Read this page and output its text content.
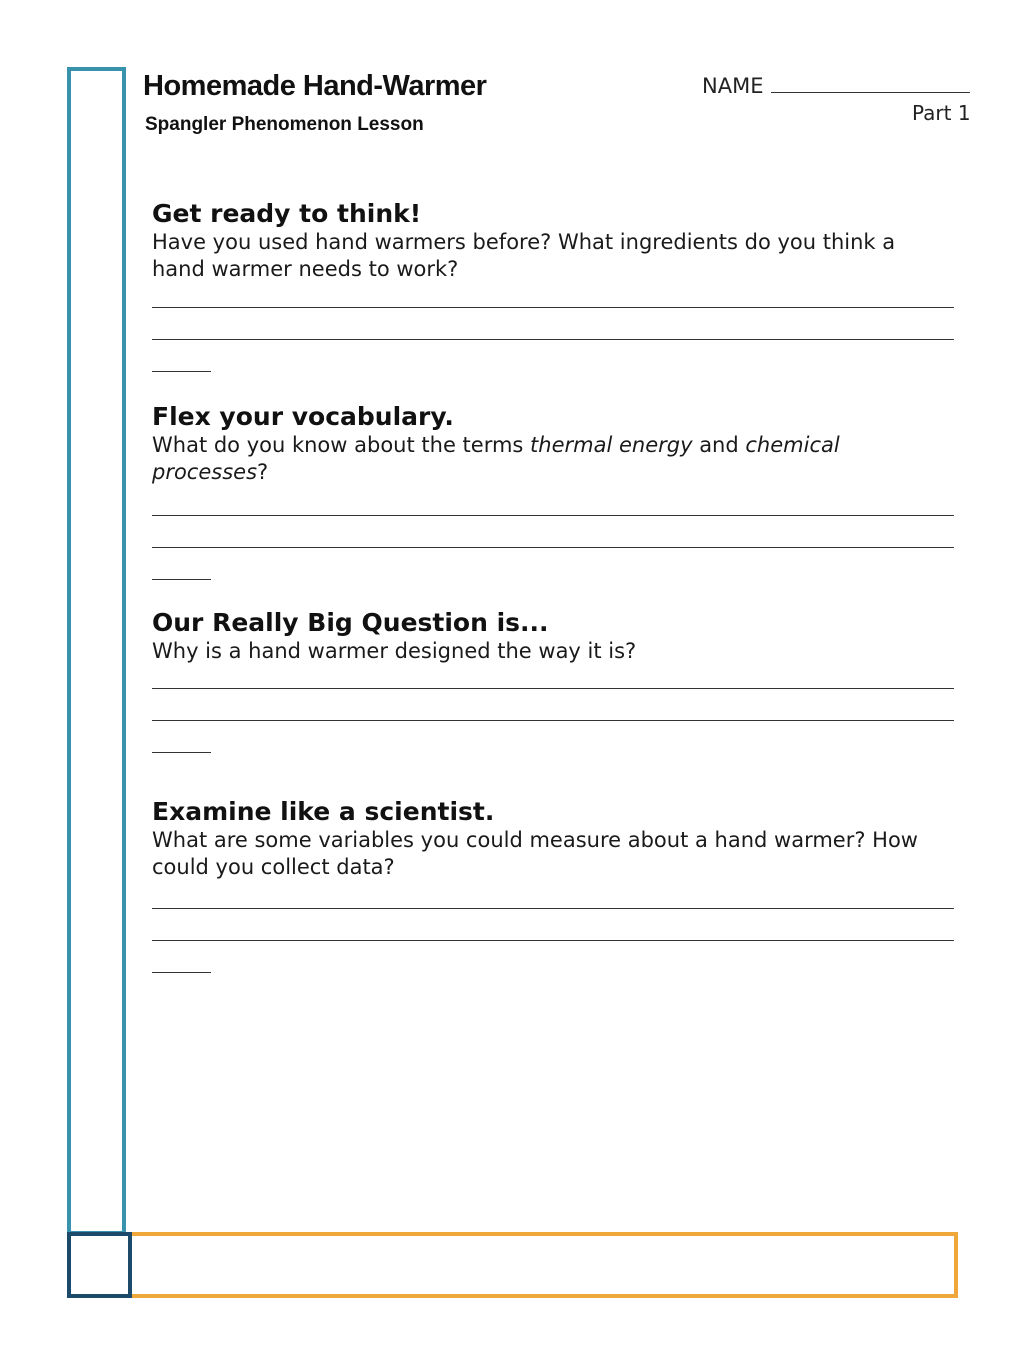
Homemade Hand-Warmer

Spangler Phenomenon Lesson

NAME
Part 1
Get ready to think!

Have you used hand warmers before? What ingredients do you think a hand warmer needs to work?

Flex your vocabulary.

What do you know about the terms thermal energy and chemical processes?

Our Really Big Question is...

Why is a hand warmer designed the way it is?

Examine like a scientist.

What are some variables you could measure about a hand warmer? How could you collect data?
